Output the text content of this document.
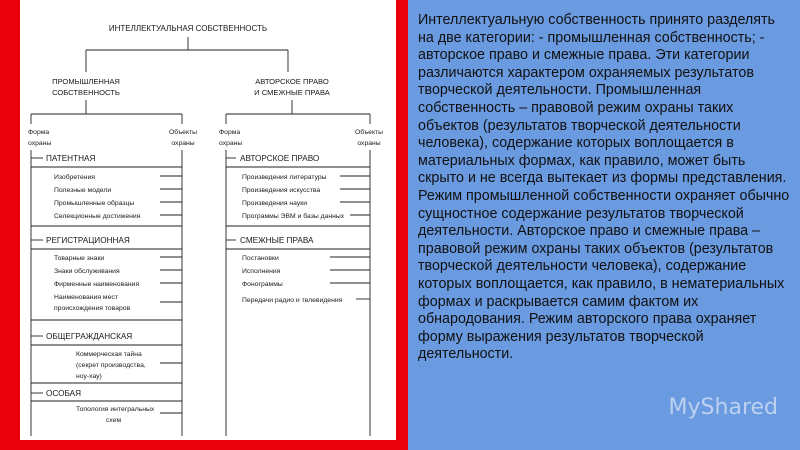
ИНТЕЛЛЕКТУАЛЬНАЯ СОБСТВЕННОСТЬ
ПРОМЫШЛЕННАЯ
СОБСТВЕННОСТЬ
АВТОРСКОЕ ПРАВО
И СМЕЖНЫЕ ПРАВА
Форма
охраны
Объекты
охраны
Форма
охраны
Объекты
охраны
ПАТЕНТНАЯ
Изобретения
Полезные модели
Промышленные образцы
Селекционные достижения
РЕГИСТРАЦИОННАЯ
Товарные знаки
Знаки обслуживания
Фирменные наименования
Наименования мест
происхождения товаров
ОБЩЕГРАЖДАНСКАЯ
Коммерческая тайна
(секрет производства,
ноу-хау)
ОСОБАЯ
Топология интегральных
схем
АВТОРСКОЕ ПРАВО
Произведения литературы
Произведения искусства
Произведения науки
Программы ЭВМ и базы данных
СМЕЖНЫЕ ПРАВА
Постановки
Исполнения
Фонограммы
Передачи радио и телевидения
Интеллектуальную собственность принято разделять на две категории: - промышленная собственность; - авторское право и смежные права. Эти категории различаются характером охраняемых результатов творческой деятельности. Промышленная собственность – правовой режим охраны таких объектов (результатов творческой деятельности человека), содержание которых воплощается в материальных формах, как правило, может быть скрыто и не всегда вытекает из формы представления. Режим промышленной собственности охраняет обычно сущностное содержание результатов творческой деятельности. Авторское право и смежные права – правовой режим охраны таких объектов (результатов творческой деятельности человека), содержание которых воплощается, как правило, в нематериальных формах и раскрывается самим фактом их обнародования. Режим авторского права охраняет форму выражения результатов творческой деятельности.
MyShared
